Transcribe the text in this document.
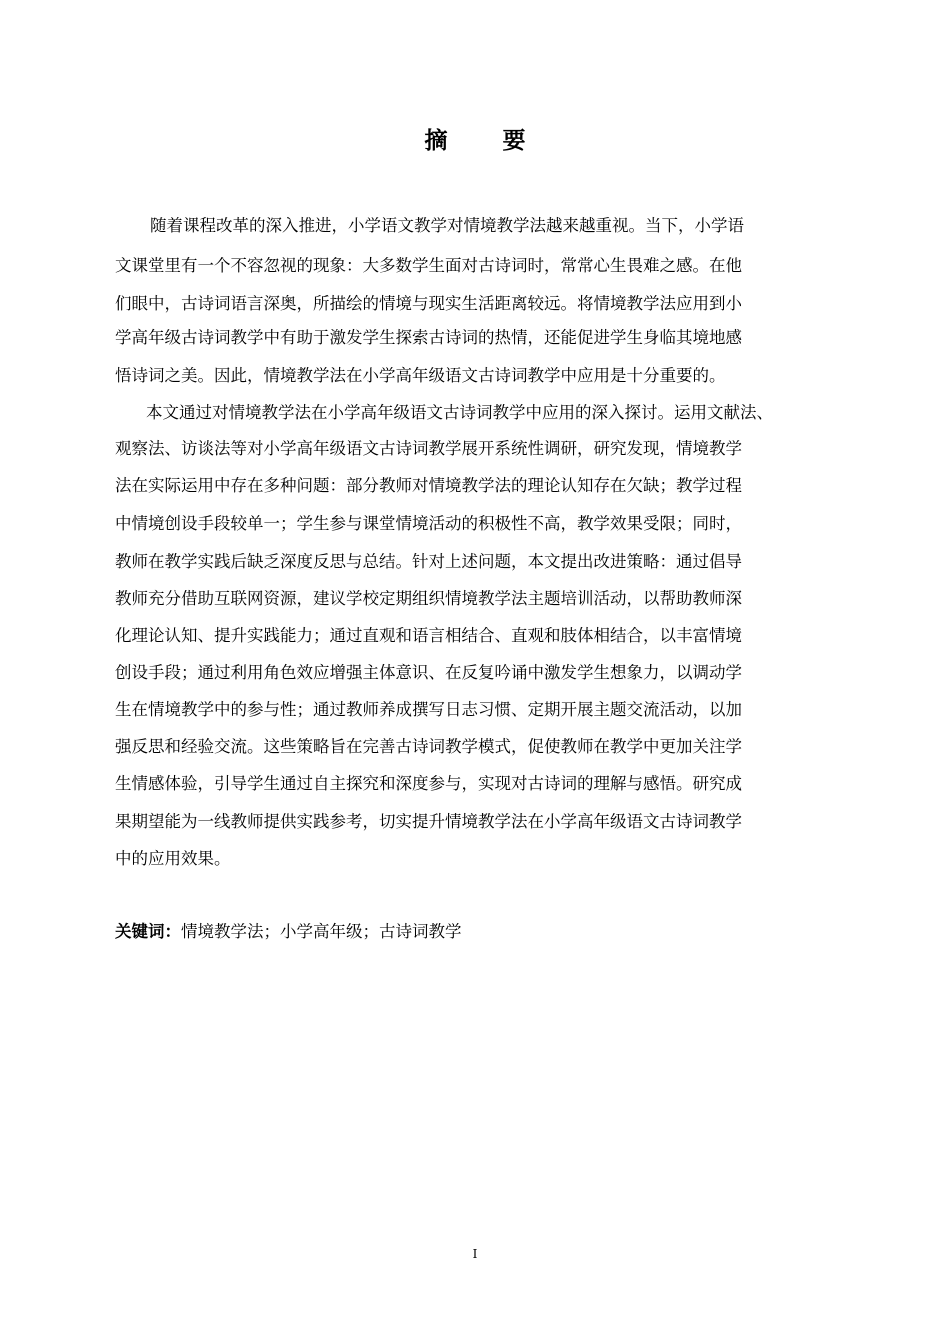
摘　要
随着课程改革的深入推进，小学语文教学对情境教学法越来越重视。当下，小学语
文课堂里有一个不容忽视的现象：大多数学生面对古诗词时，常常心生畏难之感。在他
们眼中，古诗词语言深奥，所描绘的情境与现实生活距离较远。将情境教学法应用到小
学高年级古诗词教学中有助于激发学生探索古诗词的热情，还能促进学生身临其境地感
悟诗词之美。因此，情境教学法在小学高年级语文古诗词教学中应用是十分重要的。
本文通过对情境教学法在小学高年级语文古诗词教学中应用的深入探讨。运用文献法、
观察法、访谈法等对小学高年级语文古诗词教学展开系统性调研，研究发现，情境教学
法在实际运用中存在多种问题：部分教师对情境教学法的理论认知存在欠缺；教学过程
中情境创设手段较单一；学生参与课堂情境活动的积极性不高，教学效果受限；同时，
教师在教学实践后缺乏深度反思与总结。针对上述问题，本文提出改进策略：通过倡导
教师充分借助互联网资源，建议学校定期组织情境教学法主题培训活动，以帮助教师深
化理论认知、提升实践能力；通过直观和语言相结合、直观和肢体相结合，以丰富情境
创设手段；通过利用角色效应增强主体意识、在反复吟诵中激发学生想象力，以调动学
生在情境教学中的参与性；通过教师养成撰写日志习惯、定期开展主题交流活动，以加
强反思和经验交流。这些策略旨在完善古诗词教学模式，促使教师在教学中更加关注学
生情感体验，引导学生通过自主探究和深度参与，实现对古诗词的理解与感悟。研究成
果期望能为一线教师提供实践参考，切实提升情境教学法在小学高年级语文古诗词教学
中的应用效果。
关键词：情境教学法；小学高年级；古诗词教学
I
